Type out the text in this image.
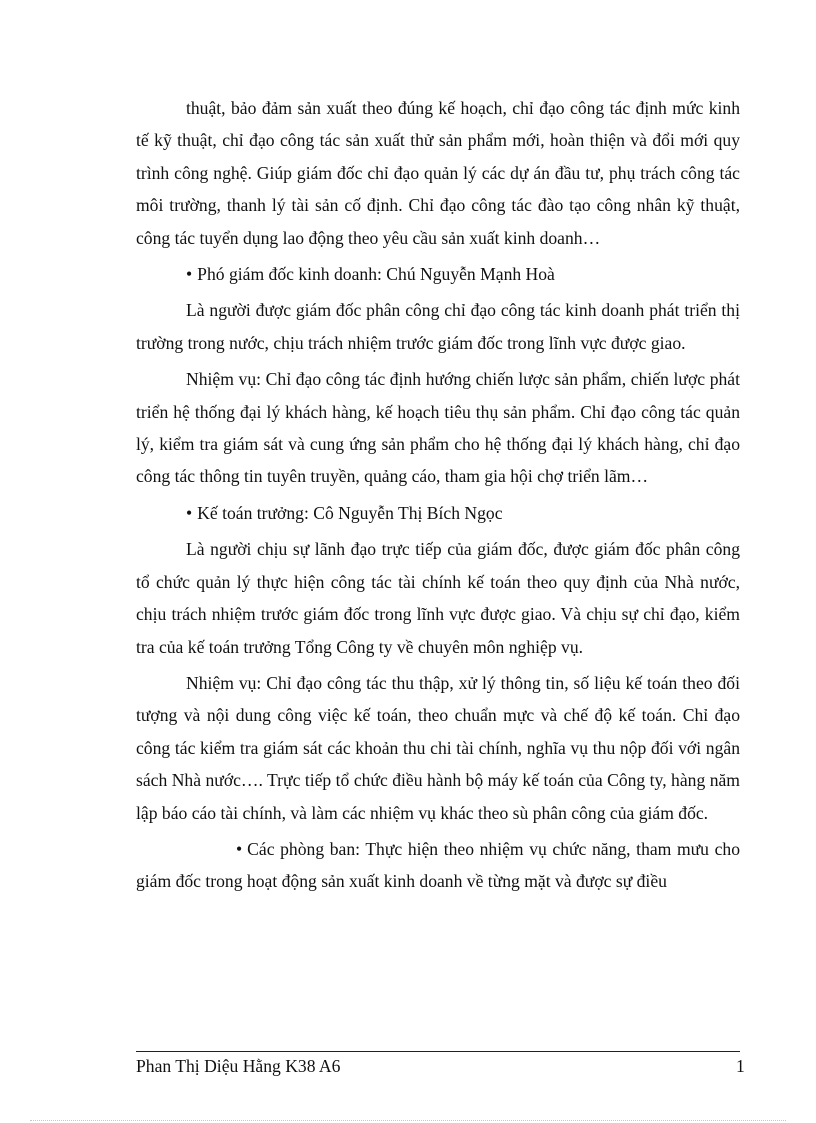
thuật, bảo đảm sản xuất theo đúng kế hoạch, chỉ đạo công tác định mức kinh tế kỹ thuật, chỉ đạo công tác sản xuất thử sản phẩm mới, hoàn thiện và đổi mới quy trình công nghệ. Giúp giám đốc chỉ đạo quản lý các dự án đầu tư, phụ trách công tác môi trường, thanh lý tài sản cố định. Chỉ đạo công tác đào tạo công nhân kỹ thuật, công tác tuyển dụng lao động theo yêu cầu sản xuất kinh doanh…

• Phó giám đốc kinh doanh: Chú Nguyễn Mạnh Hoà

Là người được giám đốc phân công chỉ đạo công tác kinh doanh phát triển thị trường trong nước, chịu trách nhiệm trước giám đốc trong lĩnh vực được giao.

Nhiệm vụ: Chỉ đạo công tác định hướng chiến lược sản phẩm, chiến lược phát triển hệ thống đại lý khách hàng, kế hoạch tiêu thụ sản phẩm. Chỉ đạo công tác quản lý, kiểm tra giám sát và cung ứng sản phẩm cho hệ thống đại lý khách hàng, chỉ đạo công tác thông tin tuyên truyền, quảng cáo, tham gia hội chợ triển lãm…

• Kế toán trưởng: Cô Nguyễn Thị Bích Ngọc

Là người chịu sự lãnh đạo trực tiếp của giám đốc, được giám đốc phân công tổ chức quản lý thực hiện công tác tài chính kế toán theo quy định của Nhà nước, chịu trách nhiệm trước giám đốc trong lĩnh vực được giao. Và chịu sự chỉ đạo, kiểm tra của kế toán trưởng Tổng Công ty về chuyên môn nghiệp vụ.

Nhiệm vụ: Chỉ đạo công tác thu thập, xử lý thông tin, số liệu kế toán theo đối tượng và nội dung công việc kế toán, theo chuẩn mực và chế độ kế toán. Chỉ đạo công tác kiểm tra giám sát các khoản thu chi tài chính, nghĩa vụ thu nộp đối với ngân sách Nhà nước…. Trực tiếp tổ chức điều hành bộ máy kế toán của Công ty, hàng năm lập báo cáo tài chính, và làm các nhiệm vụ khác theo sù phân công của giám đốc.

• Các phòng ban: Thực hiện theo nhiệm vụ chức năng, tham mưu cho giám đốc trong hoạt động sản xuất kinh doanh về từng mặt và được sự điều

Phan Thị Diệu Hằng K38 A6	1
